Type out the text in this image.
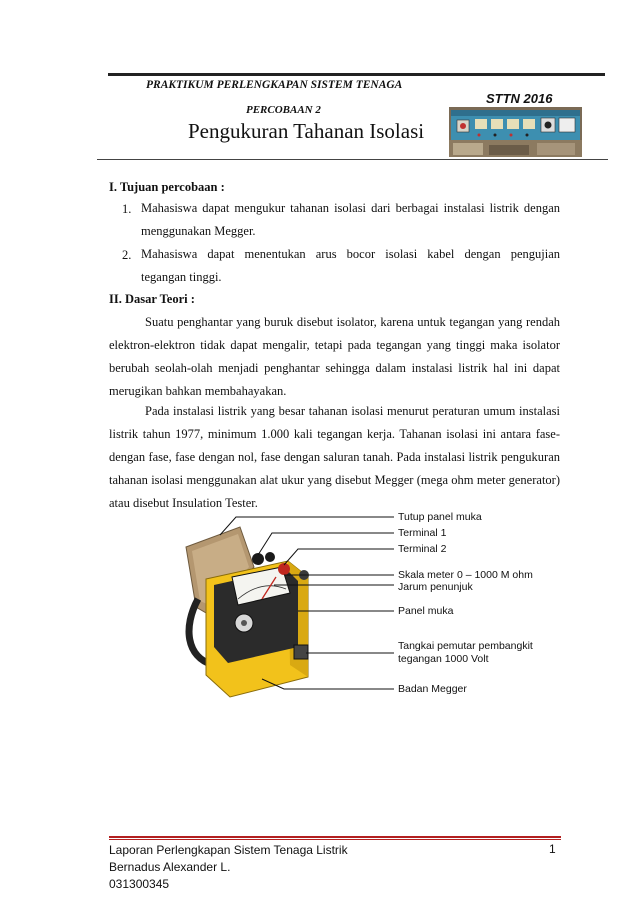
PRAKTIKUM PERLENGKAPAN SISTEM TENAGA
STTN 2016
PERCOBAAN 2
Pengukuran Tahanan Isolasi
I. Tujuan percobaan :
1. Mahasiswa dapat mengukur tahanan isolasi dari berbagai instalasi listrik dengan
menggunakan Megger.
2. Mahasiswa dapat menentukan arus bocor isolasi kabel dengan pengujian
tegangan tinggi.
II. Dasar Teori :

Suatu penghantar yang buruk disebut isolator, karena untuk tegangan yang rendah elektron-elektron tidak dapat mengalir, tetapi pada tegangan yang tinggi maka isolator berubah seolah-olah menjadi penghantar sehingga dalam instalasi listrik hal ini dapat merugikan bahkan membahayakan.

Pada instalasi listrik yang besar tahanan isolasi menurut peraturan umum instalasi listrik tahun 1977, minimum 1.000 kali tegangan kerja. Tahanan isolasi ini antara fase-dengan fase, fase dengan nol, fase dengan saluran tanah. Pada instalasi listrik pengukuran tahanan isolasi menggunakan alat ukur yang disebut Megger (mega ohm meter generator) atau disebut Insulation Tester.

Tutup panel muka
Terminal 1
Terminal 2
Skala meter 0 – 1000 M ohm
Jarum penunjuk
Panel muka
Tangkai pemutar pembangkit
tegangan 1000 Volt
Badan Megger
Laporan Perlengkapan Sistem Tenaga Listrik
Bernadus Alexander L.
031300345
1
